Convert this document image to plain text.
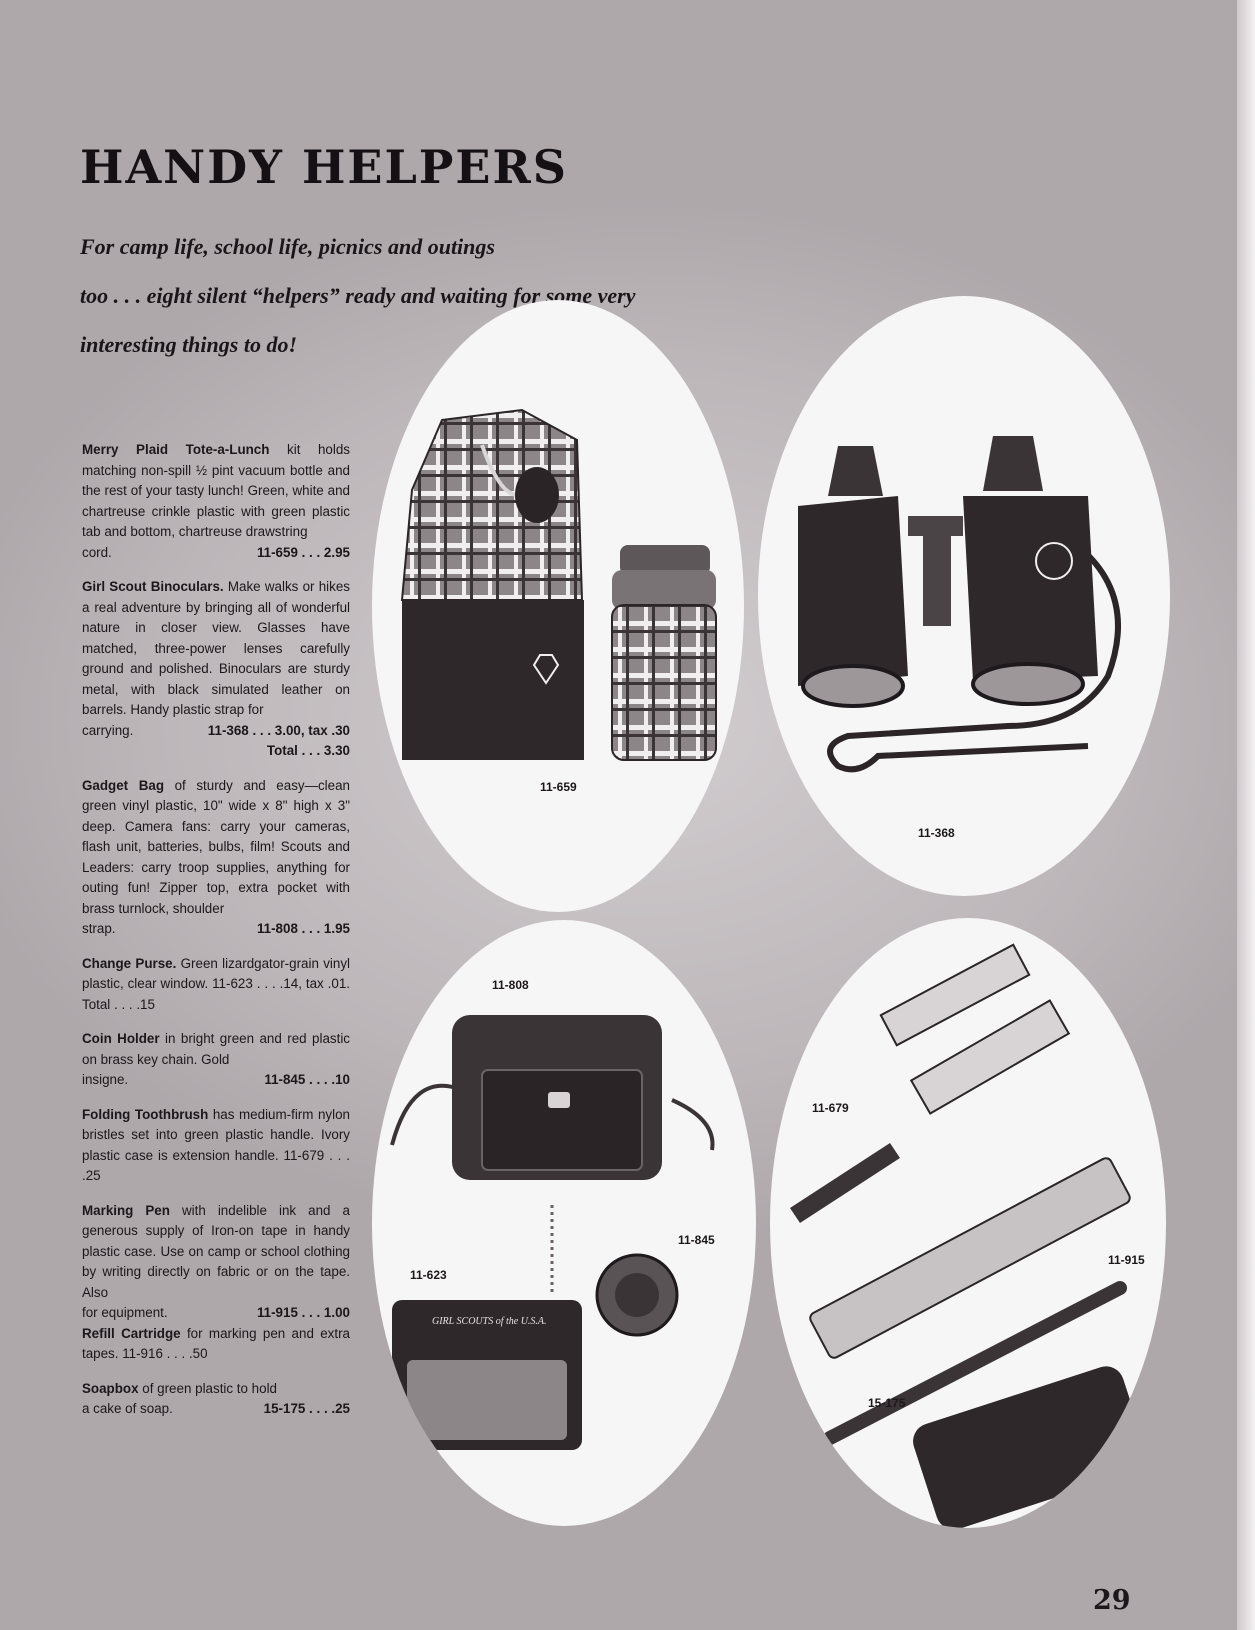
HANDY HELPERS
For camp life, school life, picnics and outings
too . . . eight silent “helpers” ready and waiting for some very
interesting things to do!
Merry Plaid Tote-a-Lunch kit holds matching non-spill ½ pint vacuum bottle and the rest of your tasty lunch! Green, white and chartreuse crinkle plastic with green plastic tab and bottom, chartreuse drawstring
cord.	11-659 . . . 2.95
Girl Scout Binoculars. Make walks or hikes a real adventure by bringing all of wonderful nature in closer view. Glasses have matched, three-power lenses carefully ground and polished. Binoculars are sturdy metal, with black simulated leather on barrels. Handy plastic strap for
carrying.	11-368 . . . 3.00, tax .30
Total . . . 3.30
Gadget Bag of sturdy and easy—clean green vinyl plastic, 10" wide x 8" high x 3" deep. Camera fans: carry your cameras, flash unit, batteries, bulbs, film! Scouts and Leaders: carry troop supplies, anything for outing fun! Zipper top, extra pocket with brass turnlock, shoulder
strap.	11-808 . . . 1.95
Change Purse. Green lizardgator-grain vinyl plastic, clear window. 11-623 . . . .14, tax .01. Total . . . .15
Coin Holder in bright green and red plastic on brass key chain. Gold
insigne.	11-845 . . . .10
Folding Toothbrush has medium-firm nylon bristles set into green plastic handle. Ivory plastic case is extension handle. 11-679 . . . .25
Marking Pen with indelible ink and a generous supply of Iron-on tape in handy plastic case. Use on camp or school clothing by writing directly on fabric or on the tape. Also
for equipment.	11-915 . . . 1.00
Refill Cartridge for marking pen and extra tapes. 11-916 . . . .50
Soapbox of green plastic to hold
a cake of soap.	15-175 . . . .25
11-659
11-368
GIRL SCOUTS of the U.S.A.
11-808
11-845
11-623
11-679
11-915
15-175
29
